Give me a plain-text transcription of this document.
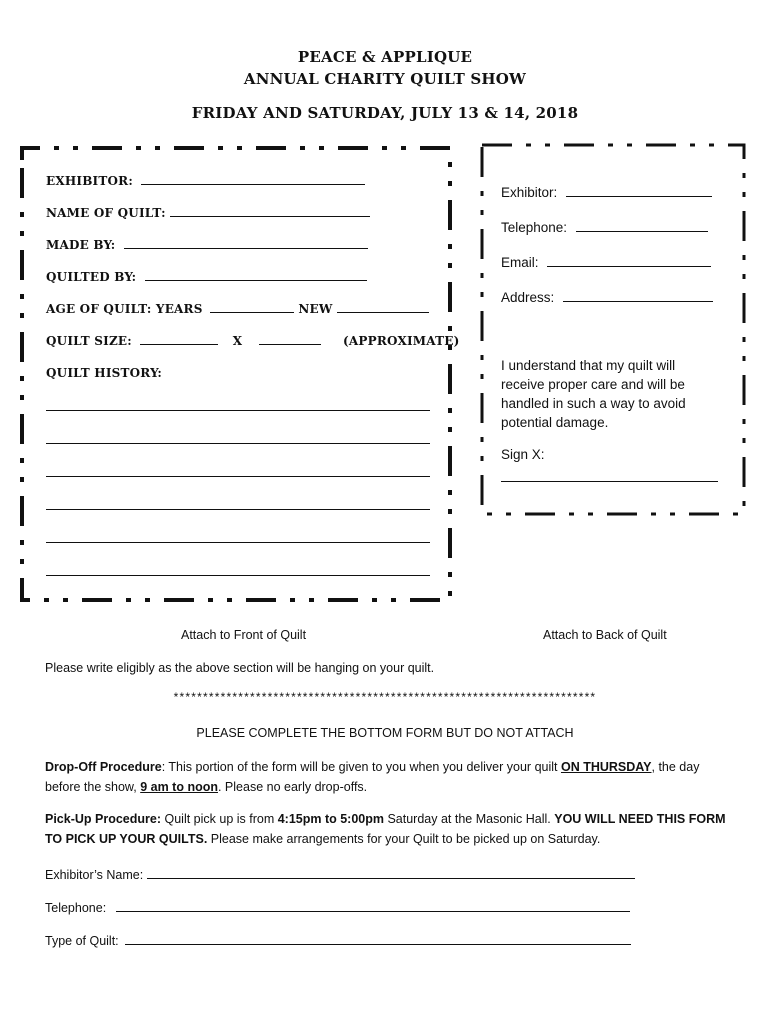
PEACE & APPLIQUE
ANNUAL CHARITY QUILT SHOW
FRIDAY AND SATURDAY, JULY 13 & 14, 2018
EXHIBITOR:
NAME OF QUILT:
MADE BY:
QUILTED BY:
AGE OF QUILT: YEARS	NEW
QUILT SIZE:	X	(APPROXIMATE)
QUILT HISTORY:
Exhibitor:
Telephone:
Email:
Address:
I understand that my quilt will
receive proper care and will be
handled in such a way to avoid
potential damage.
Sign X:
Attach to Front of Quilt	Attach to Back of Quilt
Please write eligibly as the above section will be hanging on your quilt.
************************************************************************
PLEASE COMPLETE THE BOTTOM FORM BUT DO NOT ATTACH
Drop-Off Procedure: This portion of the form will be given to you when you deliver your quilt ON THURSDAY, the day before the show, 9 am to noon. Please no early drop-offs.
Pick-Up Procedure: Quilt pick up is from 4:15pm to 5:00pm Saturday at the Masonic Hall. YOU WILL NEED THIS FORM TO PICK UP YOUR QUILTS. Please make arrangements for your Quilt to be picked up on Saturday.
Exhibitor’s Name:
Telephone:
Type of Quilt:
